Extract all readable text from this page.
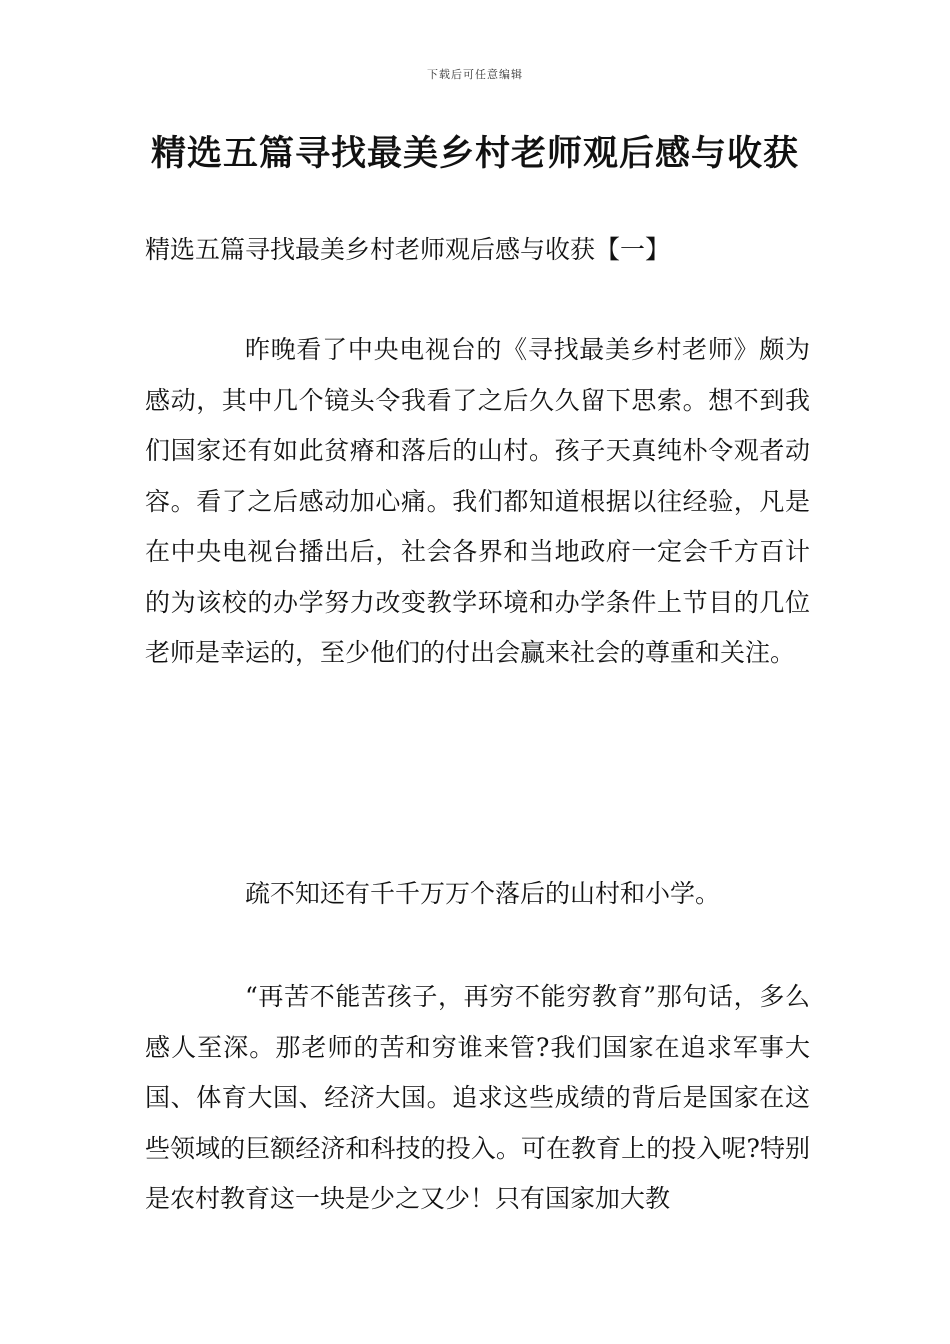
下载后可任意编辑
精选五篇寻找最美乡村老师观后感与收获
精选五篇寻找最美乡村老师观后感与收获【一】

昨晚看了中央电视台的《寻找最美乡村老师》颇为感动，其中几个镜头令我看了之后久久留下思索。想不到我们国家还有如此贫瘠和落后的山村。孩子天真纯朴令观者动容。看了之后感动加心痛。我们都知道根据以往经验，凡是在中央电视台播出后，社会各界和当地政府一定会千方百计的为该校的办学努力改变教学环境和办学条件上节目的几位老师是幸运的，至少他们的付出会赢来社会的尊重和关注。

疏不知还有千千万万个落后的山村和小学。

“再苦不能苦孩子，再穷不能穷教育”那句话，多么感人至深。那老师的苦和穷谁来管?我们国家在追求军事大国、体育大国、经济大国。追求这些成绩的背后是国家在这些领域的巨额经济和科技的投入。可在教育上的投入呢?特别是农村教育这一块是少之又少！只有国家加大教
